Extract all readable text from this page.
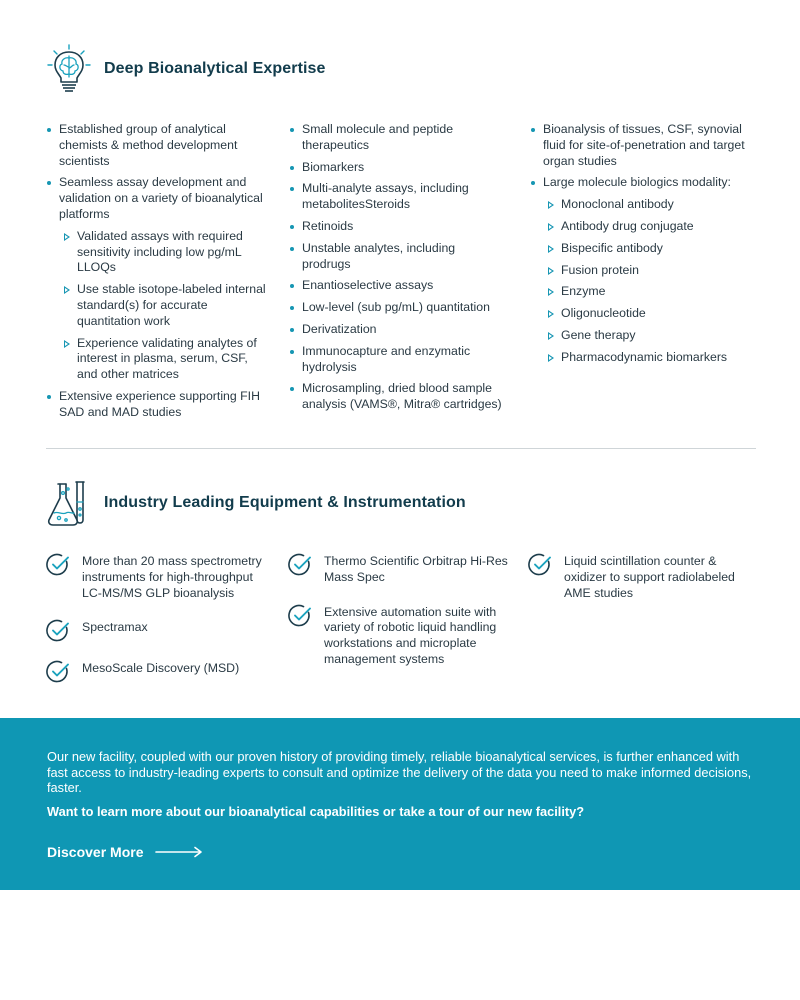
Deep Bioanalytical Expertise
Established group of analytical chemists & method development scientists
Seamless assay development and validation on a variety of bioanalytical platforms
Validated assays with required sensitivity including low pg/mL LLOQs
Use stable isotope-labeled internal standard(s) for accurate quantitation work
Experience validating analytes of interest in plasma, serum, CSF, and other matrices
Extensive experience supporting FIH SAD and MAD studies
Small molecule and peptide therapeutics
Biomarkers
Multi-analyte assays, including metabolitesSteroids
Retinoids
Unstable analytes, including prodrugs
Enantioselective assays
Low-level (sub pg/mL) quantitation
Derivatization
Immunocapture and enzymatic hydrolysis
Microsampling, dried blood sample analysis (VAMS®, Mitra® cartridges)
Bioanalysis of tissues, CSF, synovial fluid for site-of-penetration and target organ studies
Large molecule biologics modality:
Monoclonal antibody
Antibody drug conjugate
Bispecific antibody
Fusion protein
Enzyme
Oligonucleotide
Gene therapy
Pharmacodynamic biomarkers
Industry Leading Equipment & Instrumentation
More than 20 mass spectrometry instruments for high-throughput LC-MS/MS GLP bioanalysis
Spectramax
MesoScale Discovery (MSD)
Thermo Scientific Orbitrap Hi-Res Mass Spec
Extensive automation suite with variety of robotic liquid handling workstations and microplate management systems
Liquid scintillation counter & oxidizer to support radiolabeled AME studies

Our new facility, coupled with our proven history of providing timely, reliable bioanalytical services, is further enhanced with fast access to industry-leading experts to consult and optimize the delivery of the data you need to make informed decisions, faster.

Want to learn more about our bioanalytical capabilities or take a tour of our new facility?

Discover More
